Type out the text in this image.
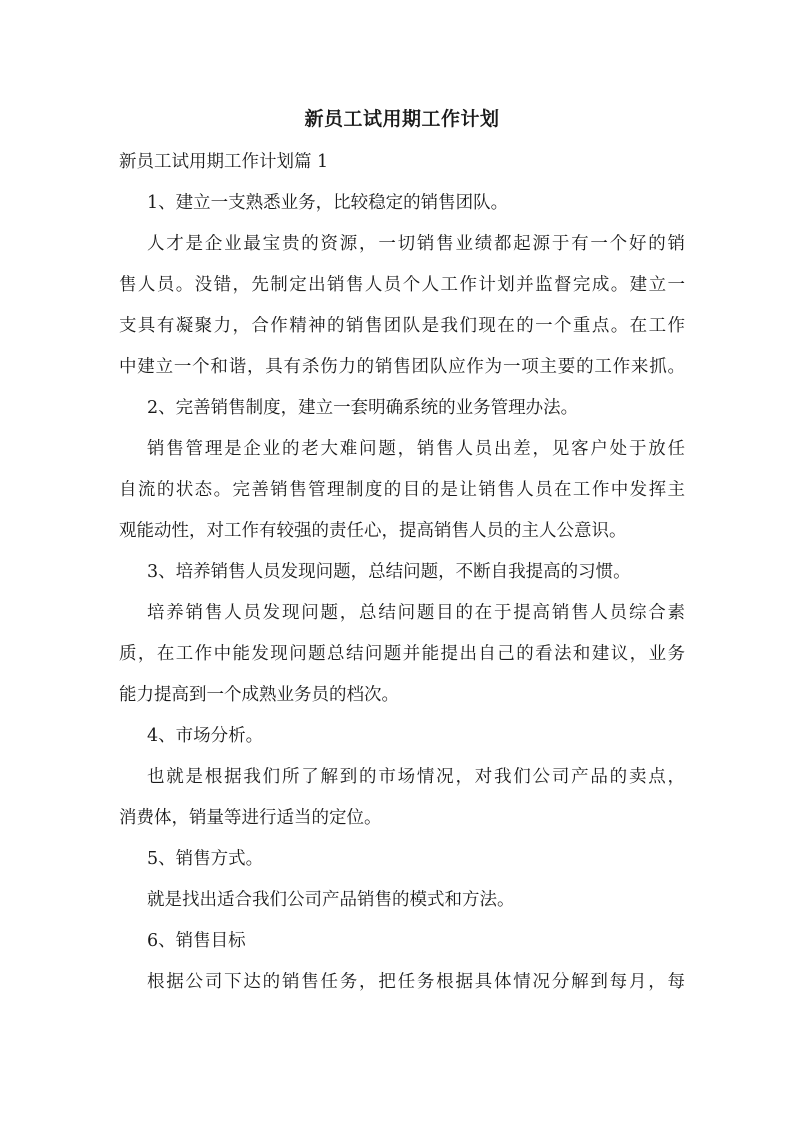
新员工试用期工作计划

新员工试用期工作计划篇 1

1、建立一支熟悉业务，比较稳定的销售团队。

人才是企业最宝贵的资源，一切销售业绩都起源于有一个好的销

售人员。没错，先制定出销售人员个人工作计划并监督完成。建立一

支具有凝聚力，合作精神的销售团队是我们现在的一个重点。在工作

中建立一个和谐，具有杀伤力的销售团队应作为一项主要的工作来抓。

2、完善销售制度，建立一套明确系统的业务管理办法。

销售管理是企业的老大难问题，销售人员出差，见客户处于放任

自流的状态。完善销售管理制度的目的是让销售人员在工作中发挥主

观能动性，对工作有较强的责任心，提高销售人员的主人公意识。

3、培养销售人员发现问题，总结问题，不断自我提高的习惯。

培养销售人员发现问题，总结问题目的在于提高销售人员综合素

质，在工作中能发现问题总结问题并能提出自己的看法和建议，业务

能力提高到一个成熟业务员的档次。

4、市场分析。

也就是根据我们所了解到的市场情况，对我们公司产品的卖点，

消费体，销量等进行适当的定位。

5、销售方式。

就是找出适合我们公司产品销售的模式和方法。

6、销售目标

根据公司下达的销售任务，把任务根据具体情况分解到每月，每
